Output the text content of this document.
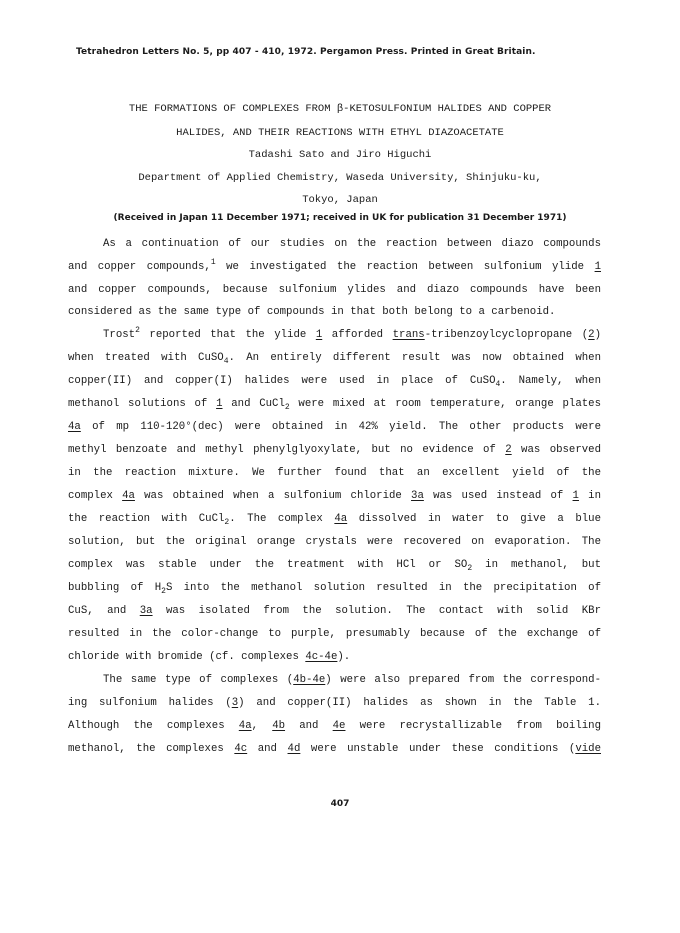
Tetrahedron Letters No. 5, pp 407 - 410, 1972. Pergamon Press. Printed in Great Britain.
THE FORMATIONS OF COMPLEXES FROM β-KETOSULFONIUM HALIDES AND COPPER
HALIDES, AND THEIR REACTIONS WITH ETHYL DIAZOACETATE
Tadashi Sato and Jiro Higuchi
Department of Applied Chemistry, Waseda University, Shinjuku-ku,
Tokyo, Japan
(Received in Japan 11 December 1971; received in UK for publication 31 December 1971)
As a continuation of our studies on the reaction between diazo compounds
and copper compounds,$^1$ we investigated the reaction between sulfonium ylide 1
and copper compounds, because sulfonium ylides and diazo compounds have been
considered as the same type of compounds in that both belong to a carbenoid.
Trost$^2$ reported that the ylide 1 afforded trans-tribenzoylcyclopropane (2)
when treated with CuSO$_4$. An entirely different result was now obtained when
copper(II) and copper(I) halides were used in place of CuSO$_4$. Namely, when
methanol solutions of 1 and CuCl$_2$ were mixed at room temperature, orange plates
4a of mp 110-120°(dec) were obtained in 42% yield. The other products were
methyl benzoate and methyl phenylglyoxylate, but no evidence of 2 was observed
in the reaction mixture. We further found that an excellent yield of the
complex 4a was obtained when a sulfonium chloride 3a was used instead of 1 in
the reaction with CuCl$_2$. The complex 4a dissolved in water to give a blue
solution, but the original orange crystals were recovered on evaporation. The
complex was stable under the treatment with HCl or $SO_2$ in methanol, but
bubbling of $H_2S$ into the methanol solution resulted in the precipitation of
CuS, and 3a was isolated from the solution. The contact with solid KBr
resulted in the color-change to purple, presumably because of the exchange of
chloride with bromide (cf. complexes 4c-4e).
The same type of complexes (4b-4e) were also prepared from the correspond-
ing sulfonium halides (3) and copper(II) halides as shown in the Table 1.
Although the complexes 4a, 4b and 4e were recrystallizable from boiling
methanol, the complexes 4c and 4d were unstable under these conditions (vide
407
